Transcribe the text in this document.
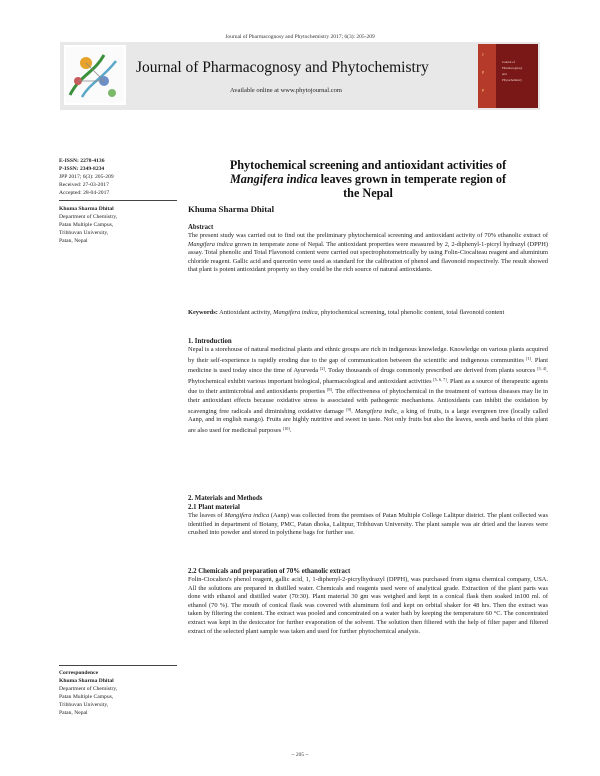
Journal of Pharmacognosy and Phytochemistry 2017; 6(3): 205-209
Journal of Pharmacognosy and Phytochemistry
Available online at www.phytojournal.com
J
P
P
Journal of
Pharmacognosy
and
Phytochemistry
E-ISSN: 2278-4136
P-ISSN: 2349-8234
JPP 2017; 6(3): 205-209
Received: 27-03-2017
Accepted: 28-04-2017
Khuma Sharma Dhital
Department of Chemistry,
Patan Multiple Campus,
Tribhuvan University,
Patan, Nepal
Correspondence
Khuma Sharma Dhital
Department of Chemistry,
Patan Multiple Campus,
Tribhuvan University,
Patan, Nepal
Phytochemical screening and antioxidant activities of
Mangifera indica leaves grown in temperate region of
the Nepal
Khuma Sharma Dhital
Abstract
The present study was carried out to find out the preliminary phytochemical screening and antioxidant activity of 70% ethanolic extract of Mangifera indica grown in temperate zone of Nepal. The antioxidant properties were measured by 2, 2-diphenyl-1-picryl hydrazyl (DPPH) assay. Total phenolic and Total Flavonoid content were carried out spectrophotometrically by using Folin-Ciocalteau reagent and aluminium chloride reagent. Gallic acid and quercetin were used as standard for the calibration of phenol and flavonoid respectively. The result showed that plant is potent antioxidant property so they could be the rich source of natural antioxidants.
Keywords: Antioxidant activity, Mangifera indica, phytochemical screening, total phenolic content, total flavonoid content
1. Introduction
Nepal is a storehouse of natural medicinal plants and ethnic groups are rich in indigenous knowledge. Knowledge on various plants acquired by their self-experience is rapidly eroding due to the gap of communication between the scientific and indigenous communities [1]. Plant medicine is used today since the time of Ayurveda [2]. Today thousands of drugs commonly prescribed are derived from plants sources [3, 4]. Phytochemical exhibit various important biological, pharmacological and antioxidant activities [5, 6, 7]. Plant as a source of therapeutic agents due to their antimicrobial and antioxidants properties [8]. The effectiveness of phytochemical in the treatment of various diseases may lie in their antioxidant effects because oxidative stress is associated with pathogenic mechanisms. Antioxidants can inhibit the oxidation by scavenging free radicals and diminishing oxidative damage [9]. Mangifera indic, a king of fruits, is a large evergreen tree (locally called Aanp, and in english mango). Fruits are highly nutritive and sweet in taste. Not only fruits but also the leaves, seeds and barks of this plant are also used for medicinal purposes [10].
2. Materials and Methods
2.1 Plant material
The leaves of Mangifera indica (Aanp) was collected from the premises of Patan Multiple College Lalitpur district. The plant collected was identified in department of Botany, PMC, Patan dhoka, Lalitpur, Tribhuvan University. The plant sample was air dried and the leaves were crushed into powder and stored in polythene bags for further use.
2.2 Chemicals and preparation of 70% ethanolic extract
Folin-Ciocalteu's phenol reagent, gallic acid, 1, 1-diphenyl-2-picrylhydrazyl (DPPH), was purchased from sigma chemical company, USA. All the solutions are prepared in distilled water. Chemicals and reagents used were of analytical grade. Extraction of the plant parts was done with ethanol and distilled water (70:30). Plant material 30 gm was weighed and kept in a conical flask then soaked in100 ml. of ethanol (70 %). The mouth of conical flask was covered with aluminum foil and kept on orbital shaker for 48 hrs. Then the extract was taken by filtering the content. The extract was pooled and concentrated on a water bath by keeping the temperature 60 °C. The concentrated extract was kept in the desiccator for further evaporation of the solvent. The solution then filtered with the help of filter paper and filtered extract of the selected plant sample was taken and used for further phytochemical analysis.
~ 205 ~
